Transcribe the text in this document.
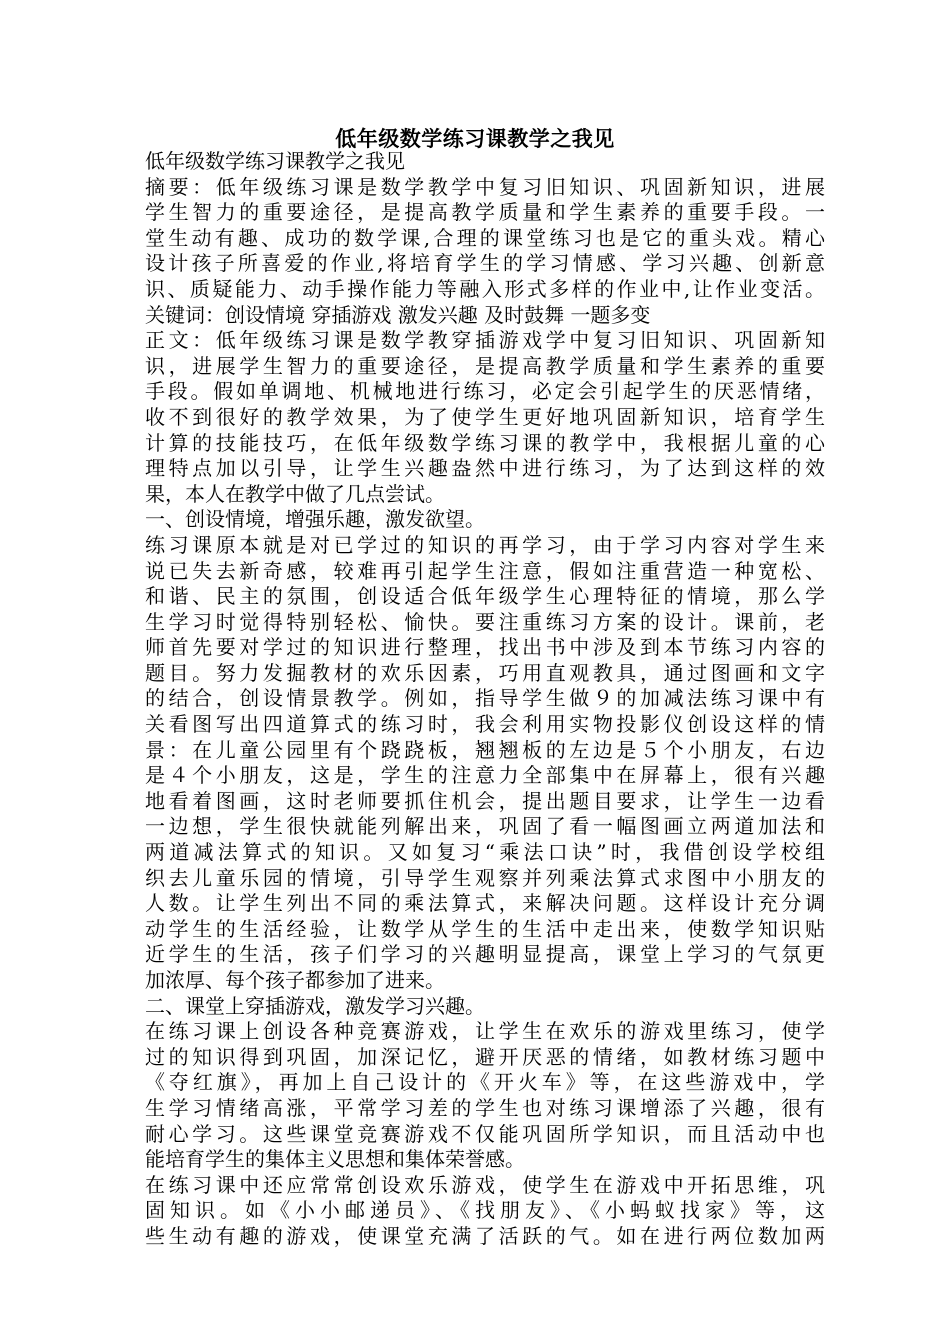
低年级数学练习课教学之我见
低年级数学练习课教学之我见
摘要：低年级练习课是数学教学中复习旧知识、巩固新知识，进展
学生智力的重要途径，是提高教学质量和学生素养的重要手段。一
堂生动有趣、成功的数学课,合理的课堂练习也是它的重头戏。精心
设计孩子所喜爱的作业,将培育学生的学习情感、学习兴趣、创新意
识、质疑能力、动手操作能力等融入形式多样的作业中,让作业变活。
关键词：创设情境 穿插游戏 激发兴趣 及时鼓舞 一题多变
正文：低年级练习课是数学教穿插游戏学中复习旧知识、巩固新知
识，进展学生智力的重要途径，是提高教学质量和学生素养的重要
手段。假如单调地、机械地进行练习，必定会引起学生的厌恶情绪，
收不到很好的教学效果，为了使学生更好地巩固新知识，培育学生
计算的技能技巧，在低年级数学练习课的教学中，我根据儿童的心
理特点加以引导，让学生兴趣盎然中进行练习，为了达到这样的效
果，本人在教学中做了几点尝试。
一、创设情境，增强乐趣，激发欲望。
练习课原本就是对已学过的知识的再学习，由于学习内容对学生来
说已失去新奇感，较难再引起学生注意，假如注重营造一种宽松、
和谐、民主的氛围，创设适合低年级学生心理特征的情境，那么学
生学习时觉得特别轻松、愉快。要注重练习方案的设计。课前，老
师首先要对学过的知识进行整理，找出书中涉及到本节练习内容的
题目。努力发掘教材的欢乐因素，巧用直观教具，通过图画和文字
的结合，创设情景教学。例如，指导学生做９的加减法练习课中有
关看图写出四道算式的练习时，我会利用实物投影仪创设这样的情
景：在儿童公园里有个跷跷板，翘翘板的左边是５个小朋友，右边
是４个小朋友，这是，学生的注意力全部集中在屏幕上，很有兴趣
地看着图画，这时老师要抓住机会，提出题目要求，让学生一边看
一边想，学生很快就能列解出来，巩固了看一幅图画立两道加法和
两道减法算式的知识。又如复习“乘法口诀”时，我借创设学校组
织去儿童乐园的情境，引导学生观察并列乘法算式求图中小朋友的
人数。让学生列出不同的乘法算式，来解决问题。这样设计充分调
动学生的生活经验，让数学从学生的生活中走出来，使数学知识贴
近学生的生活，孩子们学习的兴趣明显提高，课堂上学习的气氛更
加浓厚、每个孩子都参加了进来。
二、课堂上穿插游戏，激发学习兴趣。
在练习课上创设各种竞赛游戏，让学生在欢乐的游戏里练习，使学
过的知识得到巩固，加深记忆，避开厌恶的情绪，如教材练习题中
《夺红旗》，再加上自己设计的《开火车》等，在这些游戏中，学
生学习情绪高涨，平常学习差的学生也对练习课增添了兴趣，很有
耐心学习。这些课堂竞赛游戏不仅能巩固所学知识，而且活动中也
能培育学生的集体主义思想和集体荣誉感。
在练习课中还应常常创设欢乐游戏，使学生在游戏中开拓思维，巩
固知识。如《小小邮递员》、《找朋友》、《小蚂蚁找家》等，这
些生动有趣的游戏，使课堂充满了活跃的气。如在进行两位数加两
